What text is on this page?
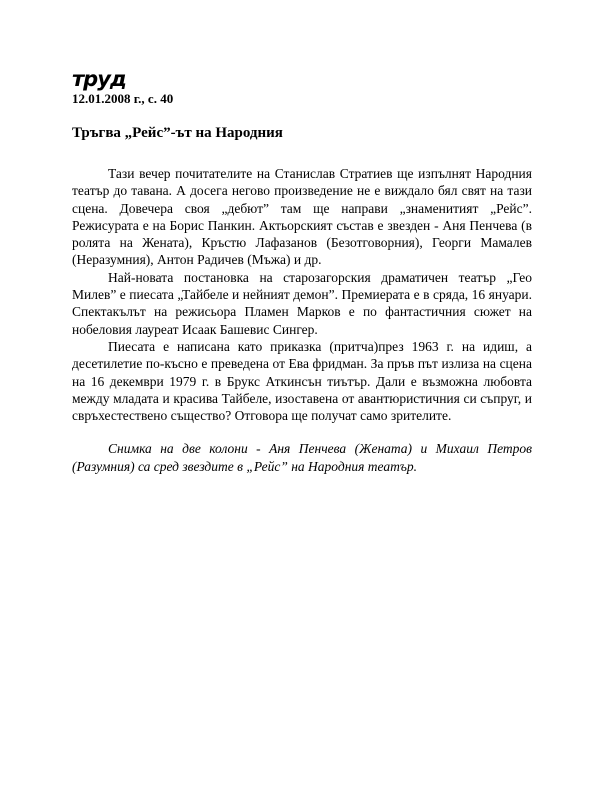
труд
12.01.2008 г., с. 40
Тръгва „Рейс”-ът на Народния

Тази вечер почитателите на Станислав Стратиев ще изпълнят Народния театър до тавана. А досега негово произведение не е виждало бял свят на тази сцена. Довечера своя „дебют” там ще направи „знаменитият „Рейс”. Режисурата е на Борис Панкин. Актьорският състав е звезден - Аня Пенчева (в ролята на Жената), Кръстю Лафазанов (Безотговорния), Георги Мамалев (Неразумния), Антон Радичев (Мъжа) и др.

Най-новата постановка на старозагорския драматичен театър „Гео Милев” е пиесата „Тайбеле и нейният демон”. Премиерата е в сряда, 16 януари. Спектакълът на режисьора Пламен Марков е по фантастичния сюжет на нобеловия лауреат Исаак Башевис Сингер.

Пиесата е написана като приказка (притча)през 1963 г. на идиш, а десетилетие по-късно е преведена от Ева фридман. За пръв път излиза на сцена на 16 декември 1979 г. в Брукс Аткинсън тиътър. Дали е възможна любовта между младата и красива Тайбеле, изоставена от авантюристичния си съпруг, и свръхестествено същество? Отговора ще получат само зрителите.

Снимка на две колони - Аня Пенчева (Жената) и Михаил Петров (Разумния) са сред звездите в „Рейс” на Народния театър.
